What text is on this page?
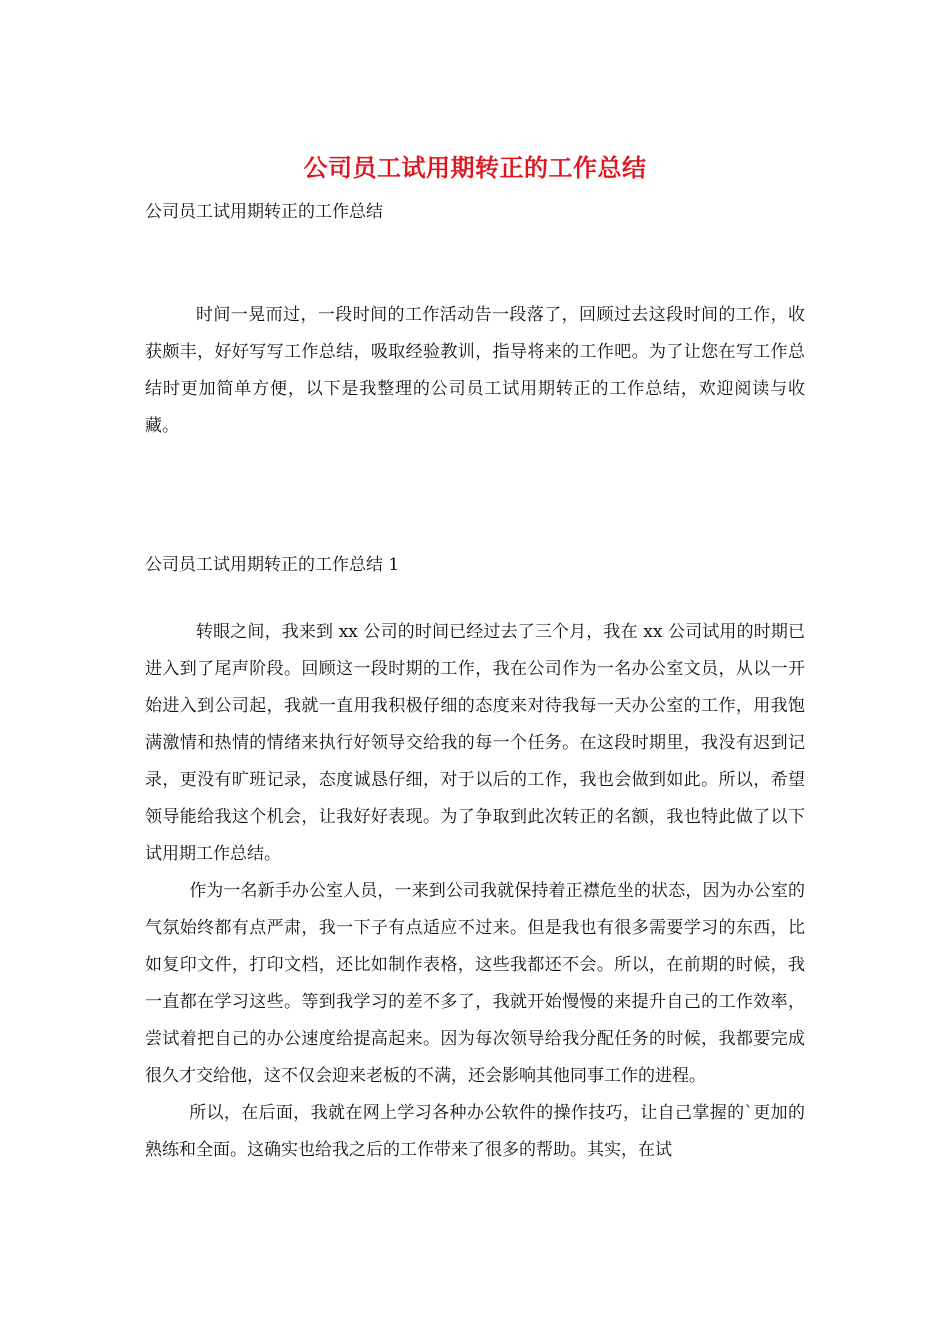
公司员工试用期转正的工作总结
公司员工试用期转正的工作总结

时间一晃而过，一段时间的工作活动告一段落了，回顾过去这段时间的工作，收获颇丰，好好写写工作总结，吸取经验教训，指导将来的工作吧。为了让您在写工作总结时更加简单方便，以下是我整理的公司员工试用期转正的工作总结，欢迎阅读与收藏。

公司员工试用期转正的工作总结 1

转眼之间，我来到 xx 公司的时间已经过去了三个月，我在 xx 公司试用的时期已进入到了尾声阶段。回顾这一段时期的工作，我在公司作为一名办公室文员，从以一开始进入到公司起，我就一直用我积极仔细的态度来对待我每一天办公室的工作，用我饱满激情和热情的情绪来执行好领导交给我的每一个任务。在这段时期里，我没有迟到记录，更没有旷班记录，态度诚恳仔细，对于以后的工作，我也会做到如此。所以，希望领导能给我这个机会，让我好好表现。为了争取到此次转正的名额，我也特此做了以下试用期工作总结。

作为一名新手办公室人员，一来到公司我就保持着正襟危坐的状态，因为办公室的气氛始终都有点严肃，我一下子有点适应不过来。但是我也有很多需要学习的东西，比如复印文件，打印文档，还比如制作表格，这些我都还不会。所以，在前期的时候，我一直都在学习这些。等到我学习的差不多了，我就开始慢慢的来提升自己的工作效率，尝试着把自己的办公速度给提高起来。因为每次领导给我分配任务的时候，我都要完成很久才交给他，这不仅会迎来老板的不满，还会影响其他同事工作的进程。

所以，在后面，我就在网上学习各种办公软件的操作技巧，让自己掌握的`更加的熟练和全面。这确实也给我之后的工作带来了很多的帮助。其实，在试
